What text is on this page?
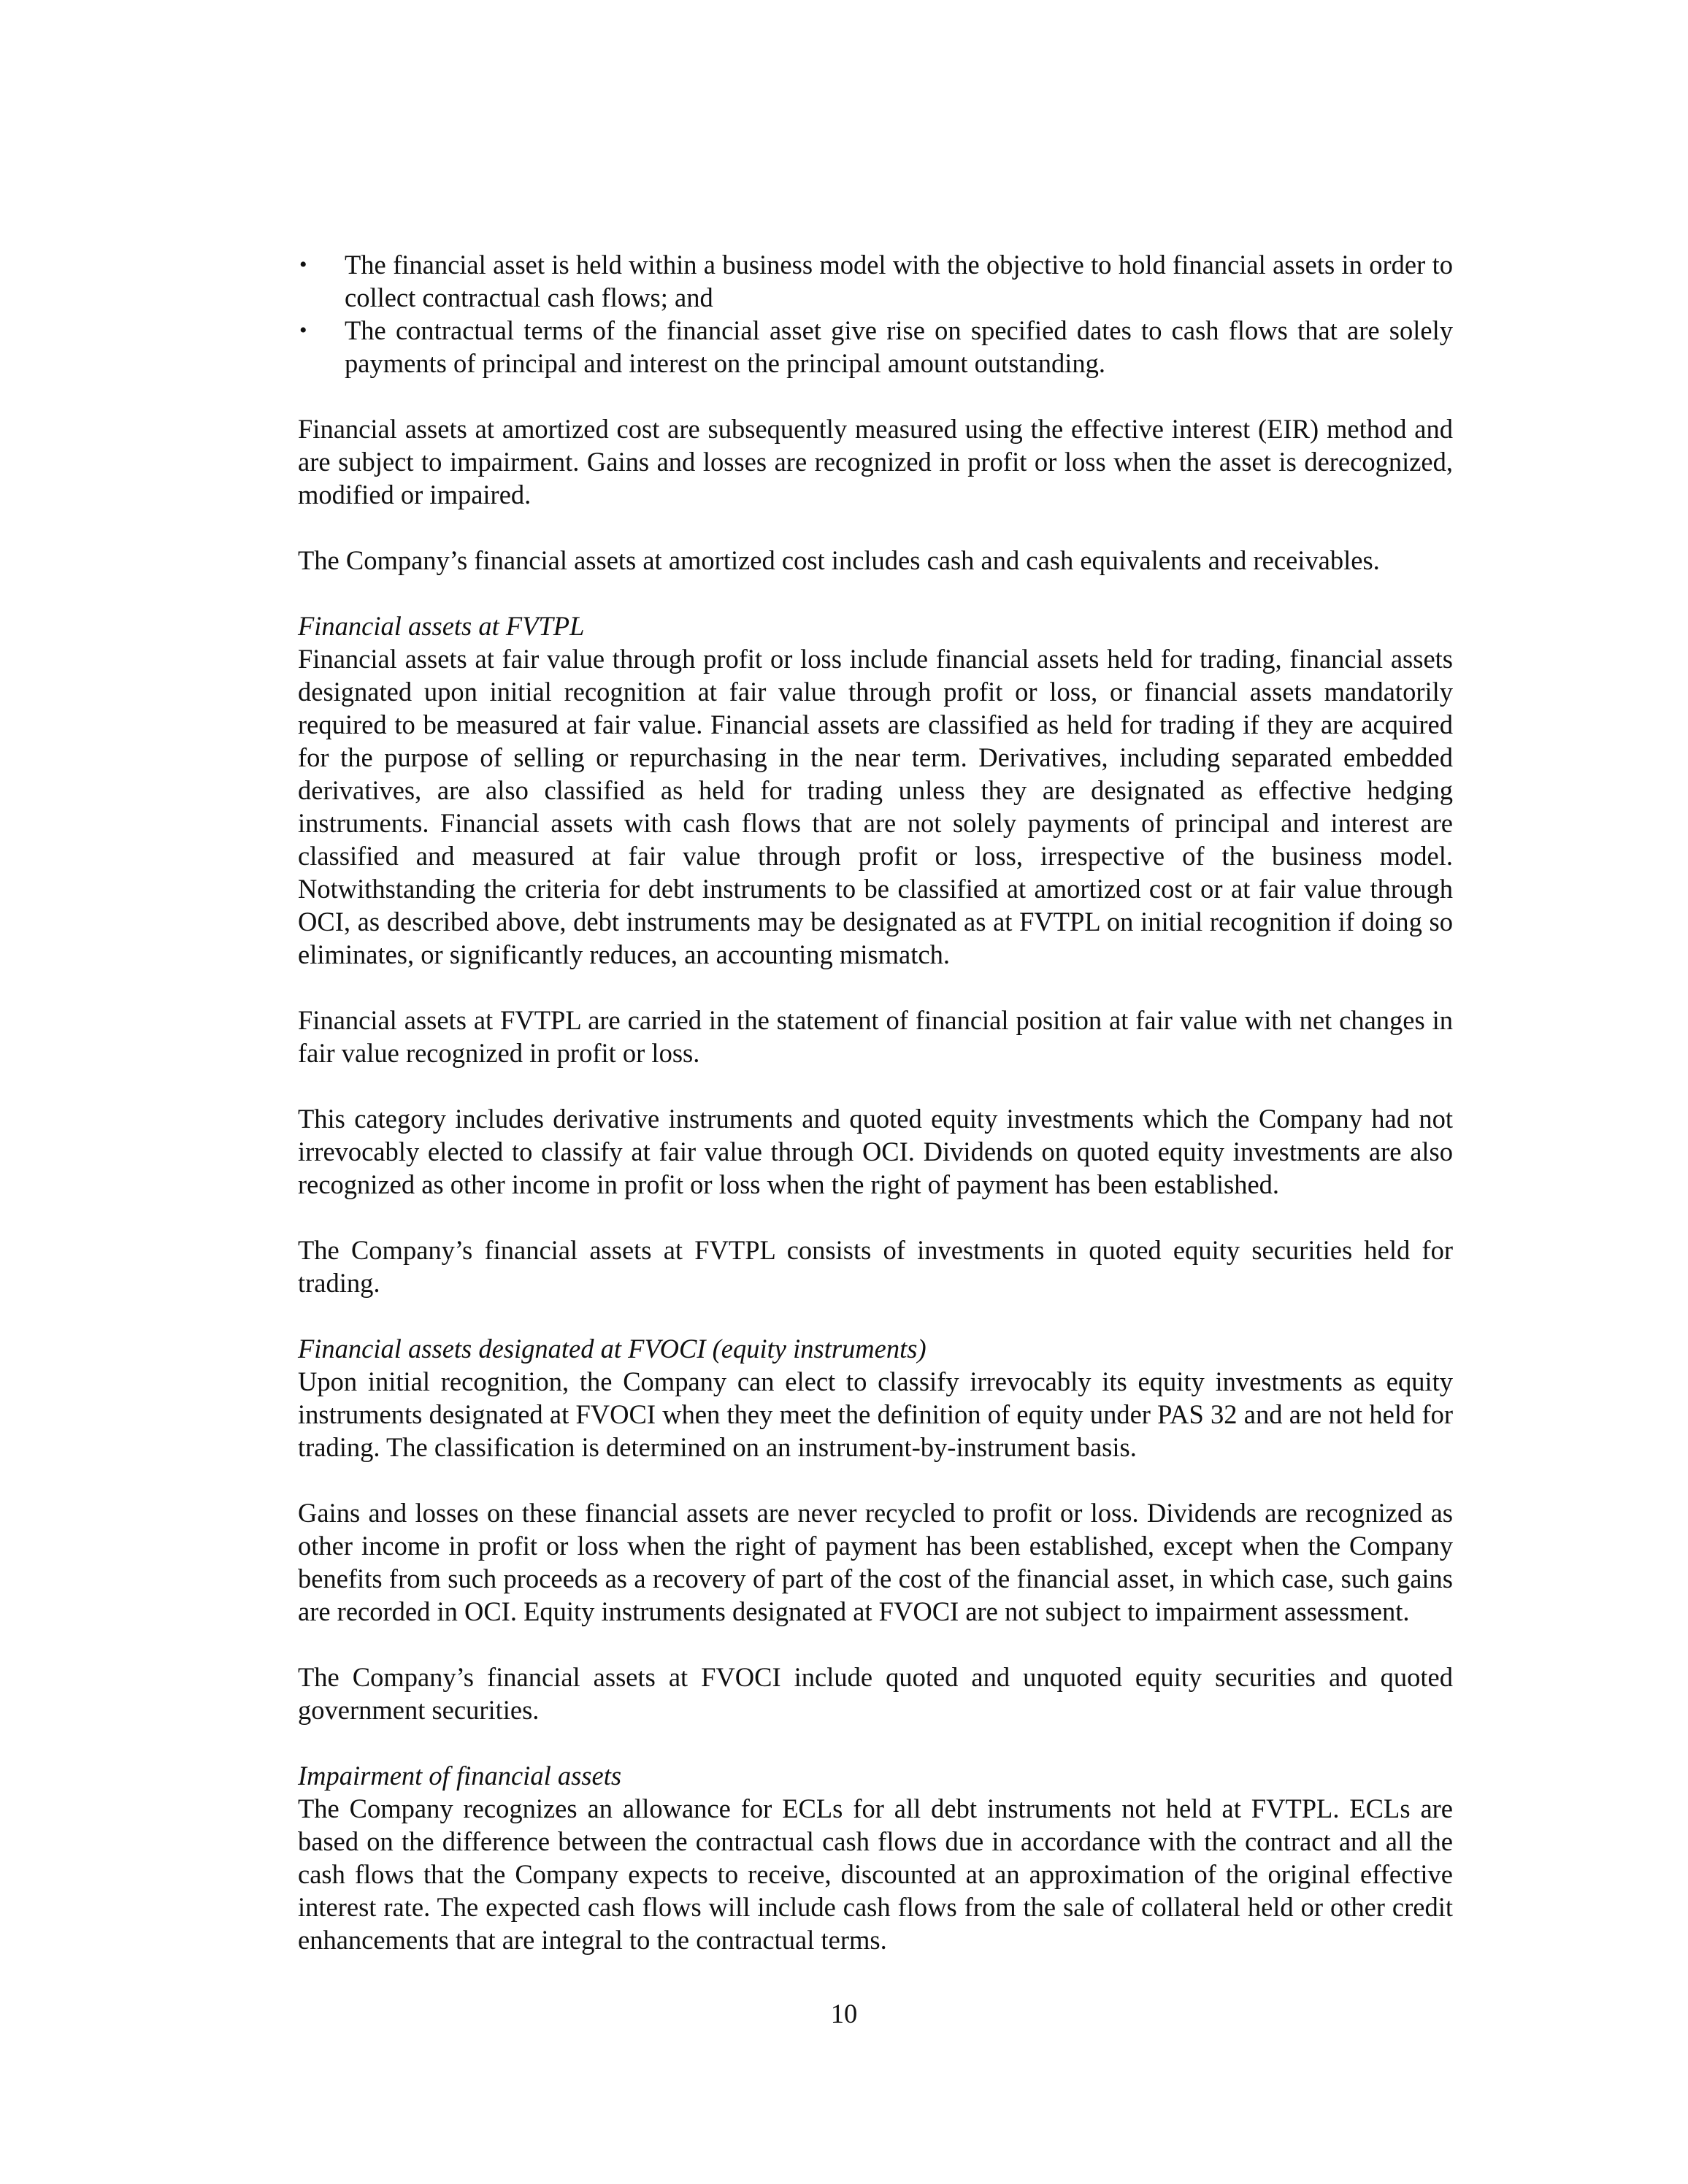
• The financial asset is held within a business model with the objective to hold financial assets in order to collect contractual cash flows; and
• The contractual terms of the financial asset give rise on specified dates to cash flows that are solely payments of principal and interest on the principal amount outstanding.

Financial assets at amortized cost are subsequently measured using the effective interest (EIR) method and are subject to impairment. Gains and losses are recognized in profit or loss when the asset is derecognized, modified or impaired.

The Company’s financial assets at amortized cost includes cash and cash equivalents and receivables.

Financial assets at FVTPL

Financial assets at fair value through profit or loss include financial assets held for trading, financial assets designated upon initial recognition at fair value through profit or loss, or financial assets mandatorily required to be measured at fair value. Financial assets are classified as held for trading if they are acquired for the purpose of selling or repurchasing in the near term. Derivatives, including separated embedded derivatives, are also classified as held for trading unless they are designated as effective hedging instruments. Financial assets with cash flows that are not solely payments of principal and interest are classified and measured at fair value through profit or loss, irrespective of the business model. Notwithstanding the criteria for debt instruments to be classified at amortized cost or at fair value through OCI, as described above, debt instruments may be designated as at FVTPL on initial recognition if doing so eliminates, or significantly reduces, an accounting mismatch.

Financial assets at FVTPL are carried in the statement of financial position at fair value with net changes in fair value recognized in profit or loss.

This category includes derivative instruments and quoted equity investments which the Company had not irrevocably elected to classify at fair value through OCI. Dividends on quoted equity investments are also recognized as other income in profit or loss when the right of payment has been established.

The Company’s financial assets at FVTPL consists of investments in quoted equity securities held for trading.

Financial assets designated at FVOCI (equity instruments)

Upon initial recognition, the Company can elect to classify irrevocably its equity investments as equity instruments designated at FVOCI when they meet the definition of equity under PAS 32 and are not held for trading. The classification is determined on an instrument-by-instrument basis.

Gains and losses on these financial assets are never recycled to profit or loss. Dividends are recognized as other income in profit or loss when the right of payment has been established, except when the Company benefits from such proceeds as a recovery of part of the cost of the financial asset, in which case, such gains are recorded in OCI. Equity instruments designated at FVOCI are not subject to impairment assessment.

The Company’s financial assets at FVOCI include quoted and unquoted equity securities and quoted government securities.

Impairment of financial assets

The Company recognizes an allowance for ECLs for all debt instruments not held at FVTPL. ECLs are based on the difference between the contractual cash flows due in accordance with the contract and all the cash flows that the Company expects to receive, discounted at an approximation of the original effective interest rate. The expected cash flows will include cash flows from the sale of collateral held or other credit enhancements that are integral to the contractual terms.

10
